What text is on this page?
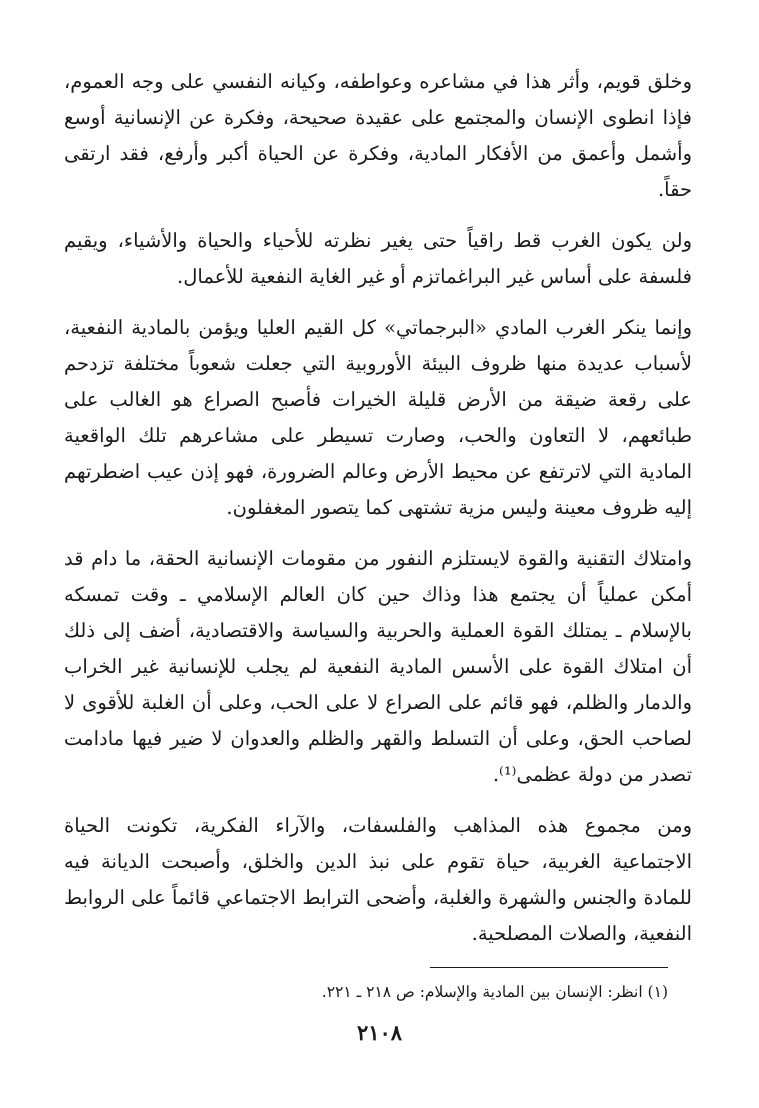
وخلق قويم، وأثر هذا في مشاعره وعواطفه، وكيانه النفسي على وجه العموم، فإذا انطوى الإنسان والمجتمع على عقيدة صحيحة، وفكرة عن الإنسانية أوسع وأشمل وأعمق من الأفكار المادية، وفكرة عن الحياة أكبر وأرفع، فقد ارتقى حقاً.

ولن يكون الغرب قط راقياً حتى يغير نظرته للأحياء والحياة والأشياء، ويقيم فلسفة على أساس غير البراغماتزم أو غير الغاية النفعية للأعمال.

وإنما ينكر الغرب المادي «البرجماتي» كل القيم العليا ويؤمن بالمادية النفعية، لأسباب عديدة منها ظروف البيئة الأوروبية التي جعلت شعوباً مختلفة تزدحم على رقعة ضيقة من الأرض قليلة الخيرات فأصبح الصراع هو الغالب على طبائعهم، لا التعاون والحب، وصارت تسيطر على مشاعرهم تلك الواقعية المادية التي لاترتفع عن محيط الأرض وعالم الضرورة، فهو إذن عيب اضطرتهم إليه ظروف معينة وليس مزية تشتهى كما يتصور المغفلون.

وامتلاك التقنية والقوة لايستلزم النفور من مقومات الإنسانية الحقة، ما دام قد أمكن عملياً أن يجتمع هذا وذاك حين كان العالم الإسلامي ـ وقت تمسكه بالإسلام ـ يمتلك القوة العملية والحربية والسياسة والاقتصادية، أضف إلى ذلك أن امتلاك القوة على الأسس المادية النفعية لم يجلب للإنسانية غير الخراب والدمار والظلم، فهو قائم على الصراع لا على الحب، وعلى أن الغلبة للأقوى لا لصاحب الحق، وعلى أن التسلط والقهر والظلم والعدوان لا ضير فيها مادامت تصدر من دولة عظمى⁽¹⁾.

ومن مجموع هذه المذاهب والفلسفات، والآراء الفكرية، تكونت الحياة الاجتماعية الغربية، حياة تقوم على نبذ الدين والخلق، وأصبحت الديانة فيه للمادة والجنس والشهرة والغلبة، وأضحى الترابط الاجتماعي قائماً على الروابط النفعية، والصلات المصلحية.

(١) انظر: الإنسان بين المادية والإسلام: ص ٢١٨ ـ ٢٢١.
٢١٠٨
